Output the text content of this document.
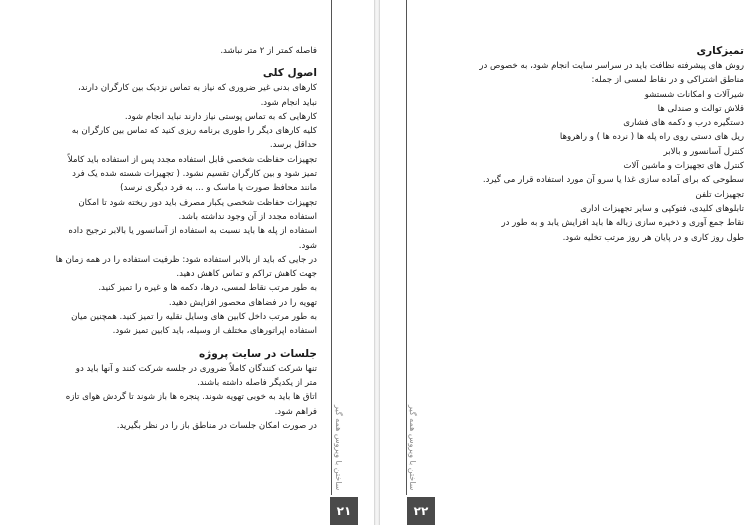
فاصله کمتر از ۲ متر نباشد.

اصول کلی

کارهای بدنی غیر ضروری که نیاز به تماس نزدیک بین کارگران دارند،

نباید انجام شود.

کارهایی که به تماس پوستی نیاز دارند نباید انجام شود.

کلیه کارهای دیگر را طوری برنامه ریزی کنید که تماس بین کارگران به

حداقل برسد.

تجهیزات حفاظت شخصی قابل استفاده مجدد پس از استفاده باید کاملاً

تمیز شود و بین کارگران تقسیم نشود. ( تجهیزات شسته شده یک فرد

مانند محافظ صورت یا ماسک و ... به فرد دیگری نرسد)

تجهیزات حفاظت شخصی یکبار مصرف باید دور ریخته شود تا امکان

استفاده مجدد از آن وجود نداشته باشد.

استفاده از پله ها باید نسبت به استفاده از آسانسور یا بالابر ترجیح داده

شود.

در جایی که باید از بالابر استفاده شود: ظرفیت استفاده را در همه زمان ها

جهت کاهش تراکم و تماس کاهش دهید.

به طور مرتب نقاط لمسی، درها، دکمه ها و غیره را تمیز کنید.

تهویه را در فضاهای محصور افزایش دهید.

به طور مرتب داخل کابین های وسایل نقلیه را تمیز کنید. همچنین میان

استفاده اپراتورهای مختلف از وسیله، باید کابین تمیز شود.

جلسات در سایت پروژه

تنها شرکت کنندگان کاملاً ضروری در جلسه شرکت کنند و آنها باید دو

متر از یکدیگر فاصله داشته باشند.

اتاق ها باید به خوبی تهویه شوند. پنجره ها باز شوند تا گردش هوای تازه

فراهم شود.

در صورت امکان جلسات در مناطق باز را در نظر بگیرید. ساختن با ویروس همه گیر
۲۱
ساختن با ویروس همه گیر
۲۲

تمیزکاری

روش های پیشرفته نظافت باید در سراسر سایت انجام شود، به خصوص در

مناطق اشتراکی و در نقاط لمسی از جمله:

شیرآلات و امکانات شستشو

قلاش توالت و صندلی ها

دستگیره درب و دکمه های فشاری

ریل های دستی روی راه پله ها ( نرده ها ) و راهروها

کنترل آسانسور و بالابر

کنترل های تجهیزات و ماشین آلات

سطوحی که برای آماده سازی غذا یا سرو آن مورد استفاده قرار می گیرد.

تجهیزات تلفن

تابلوهای کلیدی، فتوکپی و سایر تجهیزات اداری

نقاط جمع آوری و ذخیره سازی زباله ها باید افزایش یابد و به طور در

طول روز کاری و در پایان هر روز مرتب تخلیه شود.
